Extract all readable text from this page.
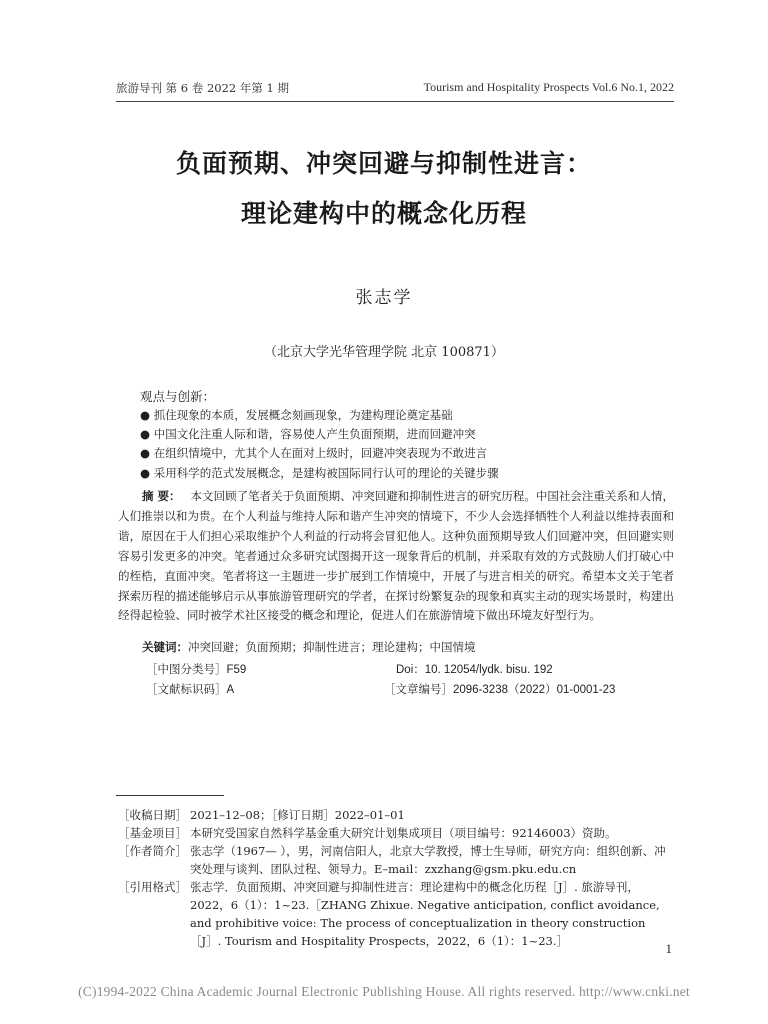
旅游导刊 第 6 卷 2022 年第 1 期	Tourism and Hospitality Prospects Vol.6 No.1, 2022
负面预期、冲突回避与抑制性进言：
理论建构中的概念化历程
张志学
（北京大学光华管理学院 北京 100871）
观点与创新：
● 抓住现象的本质，发展概念刻画现象，为建构理论奠定基础
● 中国文化注重人际和谐，容易使人产生负面预期，进而回避冲突
● 在组织情境中，尤其个人在面对上级时，回避冲突表现为不敢进言
● 采用科学的范式发展概念，是建构被国际同行认可的理论的关键步骤
摘 要： 本文回顾了笔者关于负面预期、冲突回避和抑制性进言的研究历程。中国社会注重关系和人情，人们推崇以和为贵。在个人利益与维持人际和谐产生冲突的情境下，不少人会选择牺牲个人利益以维持表面和谐，原因在于人们担心采取维护个人利益的行动将会冒犯他人。这种负面预期导致人们回避冲突，但回避实则容易引发更多的冲突。笔者通过众多研究试图揭开这一现象背后的机制，并采取有效的方式鼓励人们打破心中的桎梏，直面冲突。笔者将这一主题进一步扩展到工作情境中，开展了与进言相关的研究。希望本文关于笔者探索历程的描述能够启示从事旅游管理研究的学者，在探讨纷繁复杂的现象和真实主动的现实场景时，构建出经得起检验、同时被学术社区接受的概念和理论，促进人们在旅游情境下做出环境友好型行为。
关键词：冲突回避；负面预期；抑制性进言；理论建构；中国情境
［中图分类号］F59	Doi：10. 12054/lydk. bisu. 192
［文献标识码］A	［文章编号］2096-3238（2022）01-0001-23
［收稿日期］ 2021–12–08；［修订日期］2022–01–01
［基金项目］ 本研究受国家自然科学基金重大研究计划集成项目（项目编号：92146003）资助。
［作者简介］ 张志学（1967— ），男，河南信阳人，北京大学教授，博士生导师，研究方向：组织创新、冲突处理与谈判、团队过程、领导力。E–mail：zxzhang@gsm.pku.edu.cn
［引用格式］ 张志学．负面预期、冲突回避与抑制性进言：理论建构中的概念化历程［J］. 旅游导刊，2022，6（1）：1~23.［ZHANG Zhixue. Negative anticipation, conflict avoidance, and prohibitive voice: The process of conceptualization in theory construction［J］. Tourism and Hospitality Prospects，2022，6（1）：1~23.］	1
(C)1994-2022 China Academic Journal Electronic Publishing House. All rights reserved. http://www.cnki.net
